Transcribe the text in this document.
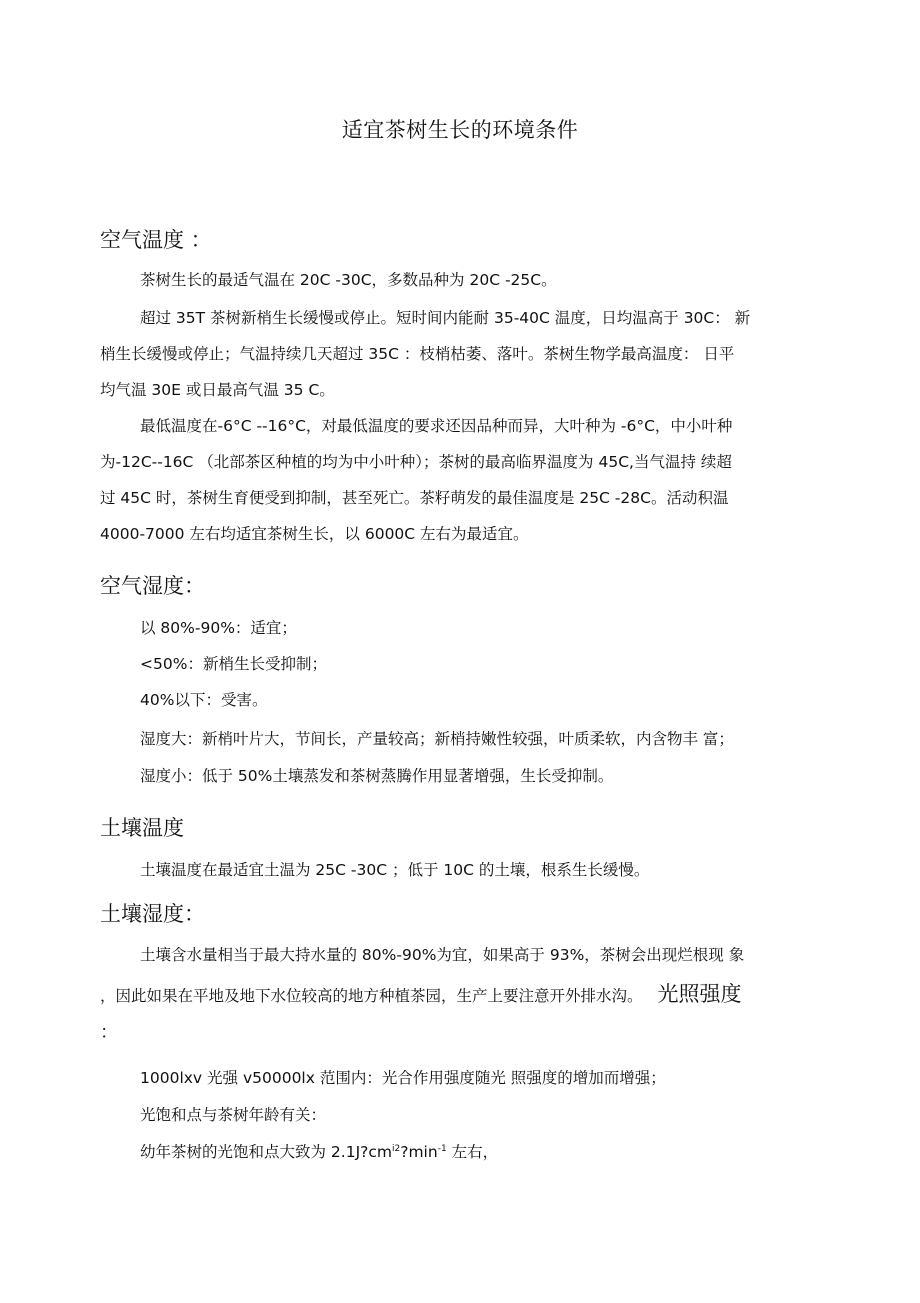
适宜茶树生长的环境条件
空气温度 ：
茶树生长的最适气温在 20C -30C，多数品种为 20C -25C。
超过 35T 茶树新梢生长缓慢或停止。短时间内能耐 35-40C 温度，日均温高于 30C： 新
梢生长缓慢或停止；气温持续几天超过 35C ：枝梢枯萎、落叶。茶树生物学最高温度： 日平
均气温 30E 或日最高气温 35 C。
最低温度在-6°C --16°C，对最低温度的要求还因品种而异，大叶种为 -6°C，中小叶种
为-12C--16C （北部茶区种植的均为中小叶种）；茶树的最高临界温度为 45C,当气温持 续超
过 45C 时，茶树生育便受到抑制，甚至死亡。茶籽萌发的最佳温度是 25C -28C。活动积温
4000-7000 左右均适宜茶树生长，以 6000C 左右为最适宜。
空气湿度：
以 80%-90%：适宜；
<50%：新梢生长受抑制；
40%以下：受害。
湿度大：新梢叶片大，节间长，产量较高；新梢持嫩性较强，叶质柔软，内含物丰 富；
湿度小：低于 50%土壤蒸发和茶树蒸腾作用显著增强，生长受抑制。
土壤温度
土壤温度在最适宜土温为 25C -30C ；低于 10C 的土壤，根系生长缓慢。
土壤湿度：
土壤含水量相当于最大持水量的 80%-90%为宜，如果高于 93%，茶树会出现烂根现 象
，因此如果在平地及地下水位较高的地方种植茶园，生产上要注意开外排水沟。 光照强度
：
1000lxv 光强 v50000lx 范围内：光合作用强度随光 照强度的增加而增强；
光饱和点与茶树年龄有关：
幼年茶树的光饱和点大致为 $2.1J?cm^{i2}?\min^{-1}$ 左右，
